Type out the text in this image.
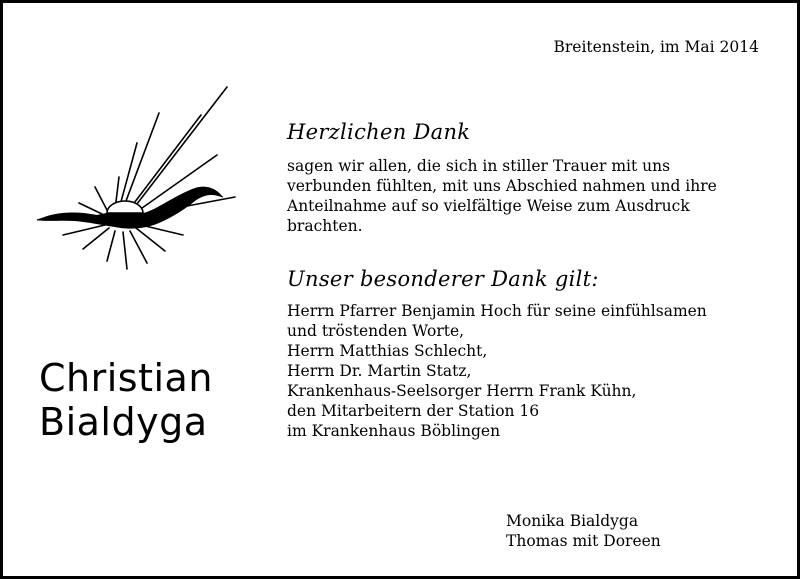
Breitenstein, im Mai 2014
Christian
Bialdyga
Herzlichen Dank
sagen wir allen, die sich in stiller Trauer mit uns
verbunden fühlten, mit uns Abschied nahmen und ihre
Anteilnahme auf so vielfältige Weise zum Ausdruck
brachten.
Unser besonderer Dank gilt:
Herrn Pfarrer Benjamin Hoch für seine einfühlsamen
und tröstenden Worte,
Herrn Matthias Schlecht,
Herrn Dr. Martin Statz,
Krankenhaus-Seelsorger Herrn Frank Kühn,
den Mitarbeitern der Station 16
im Krankenhaus Böblingen
Monika Bialdyga
Thomas mit Doreen
